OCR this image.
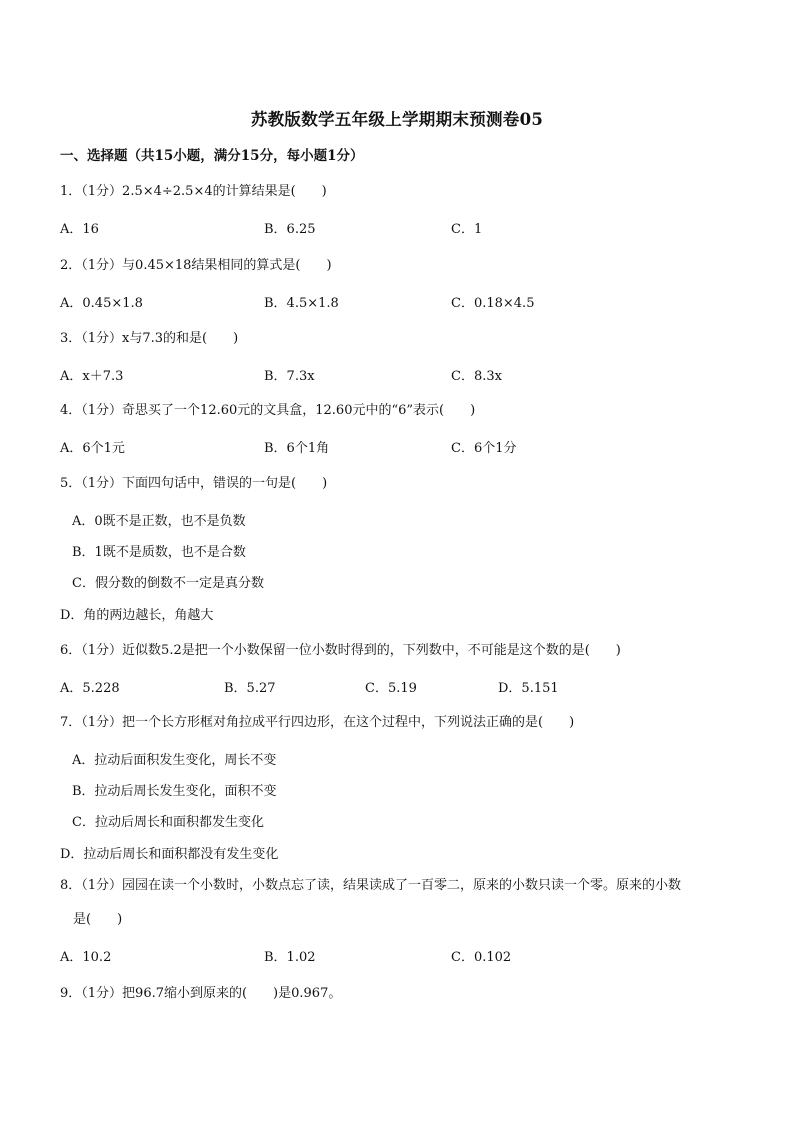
苏教版数学五年级上学期期末预测卷05
一、选择题（共15小题，满分15分，每小题1分）
1．（1分）2.5×4÷2.5×4的计算结果是(　　)
A．16	B．6.25	C．1
2．（1分）与0.45×18结果相同的算式是(　　)
A．0.45×1.8	B．4.5×1.8	C．0.18×4.5
3．（1分）x与7.3的和是(　　)
A．x＋7.3	B．7.3x	C．8.3x
4．（1分）奇思买了一个12.60元的文具盒，12.60元中的“6”表示(　　)
A．6个1元	B．6个1角	C．6个1分
5．（1分）下面四句话中，错误的一句是(　　)
A．0既不是正数，也不是负数
B．1既不是质数，也不是合数
C．假分数的倒数不一定是真分数
D．角的两边越长，角越大
6．（1分）近似数5.2是把一个小数保留一位小数时得到的，下列数中，不可能是这个数的是(　　)
A．5.228	B．5.27	C．5.19	D．5.151
7．（1分）把一个长方形框对角拉成平行四边形，在这个过程中，下列说法正确的是(　　)
A．拉动后面积发生变化，周长不变
B．拉动后周长发生变化，面积不变
C．拉动后周长和面积都发生变化
D．拉动后周长和面积都没有发生变化
8．（1分）园园在读一个小数时，小数点忘了读，结果读成了一百零二，原来的小数只读一个零。原来的小数
是(　　)
A．10.2	B．1.02	C．0.102
9．（1分）把96.7缩小到原来的(　　)是0.967。
